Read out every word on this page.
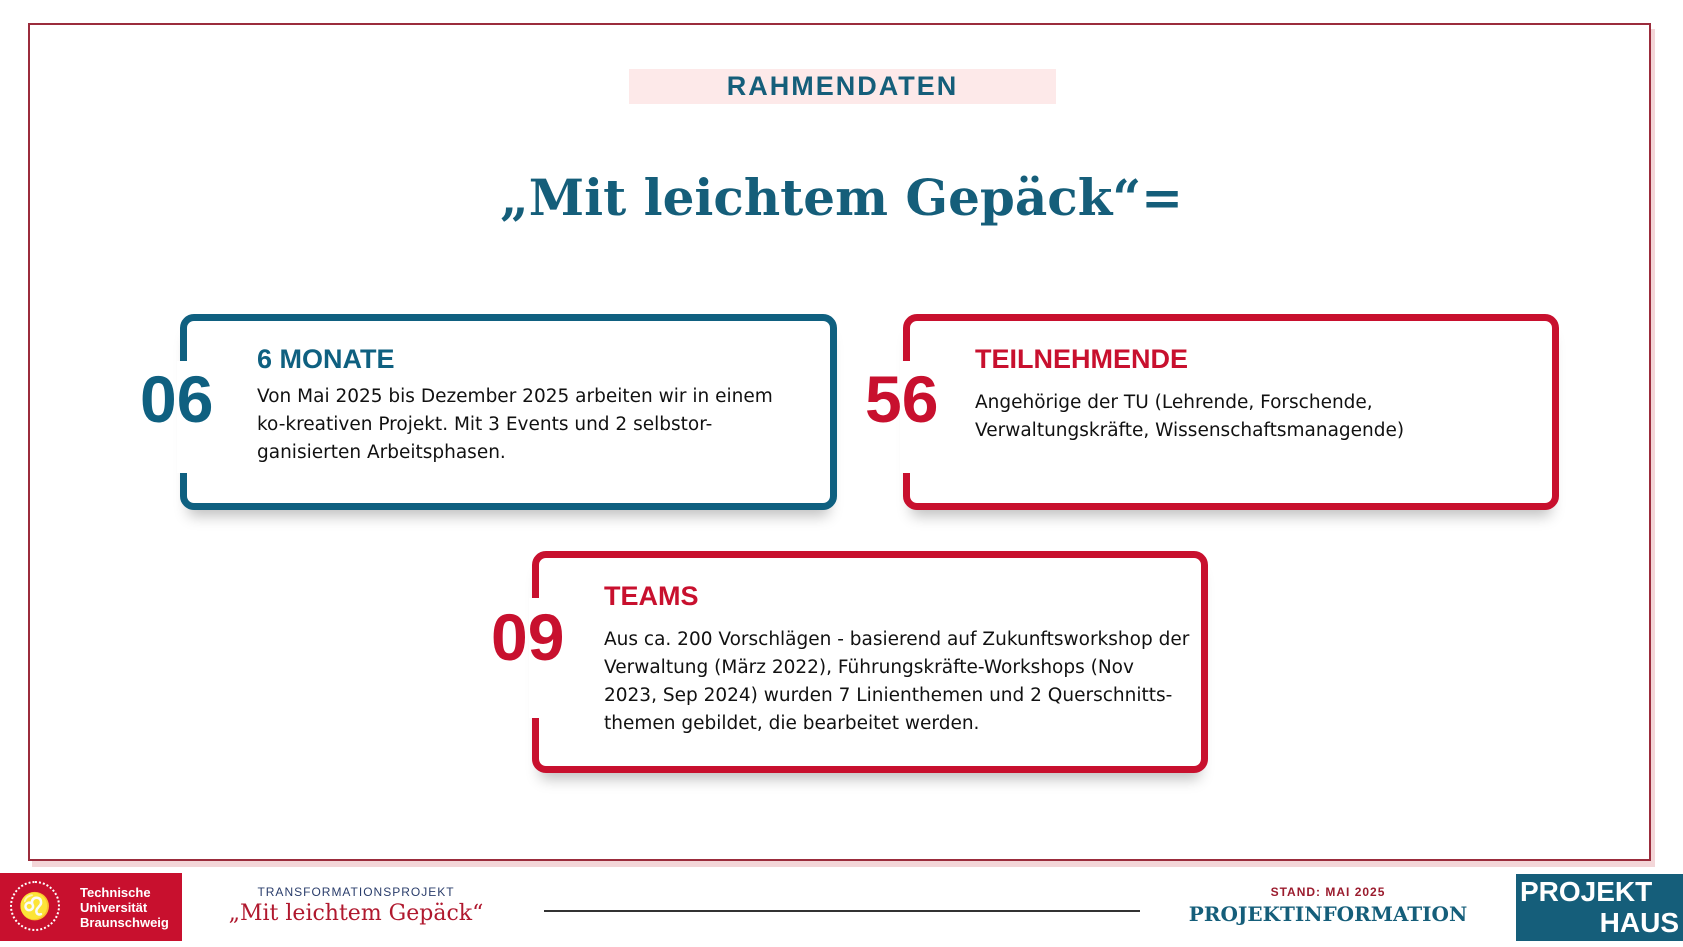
RAHMENDATEN
„Mit leichtem Gepäck“=
06
6 MONATE
Von Mai 2025 bis Dezember 2025 arbeiten wir in einem
ko-kreativen Projekt. Mit 3 Events und 2 selbstor-
ganisierten Arbeitsphasen.
56
TEILNEHMENDE
Angehörige der TU (Lehrende, Forschende,
Verwaltungskräfte, Wissenschaftsmanagende)
09
TEAMS
Aus ca. 200 Vorschlägen - basierend auf Zukunftsworkshop der
Verwaltung (März 2022), Führungskräfte-Workshops (Nov
2023, Sep 2024) wurden 7 Linienthemen und 2 Querschnitts-
themen gebildet, die bearbeitet werden.
♌	Technische
Universität
Braunschweig
TRANSFORMATIONSPROJEKT
„Mit leichtem Gepäck“
STAND: MAI 2025
PROJEKTINFORMATION
PROJEKT
HAUS
